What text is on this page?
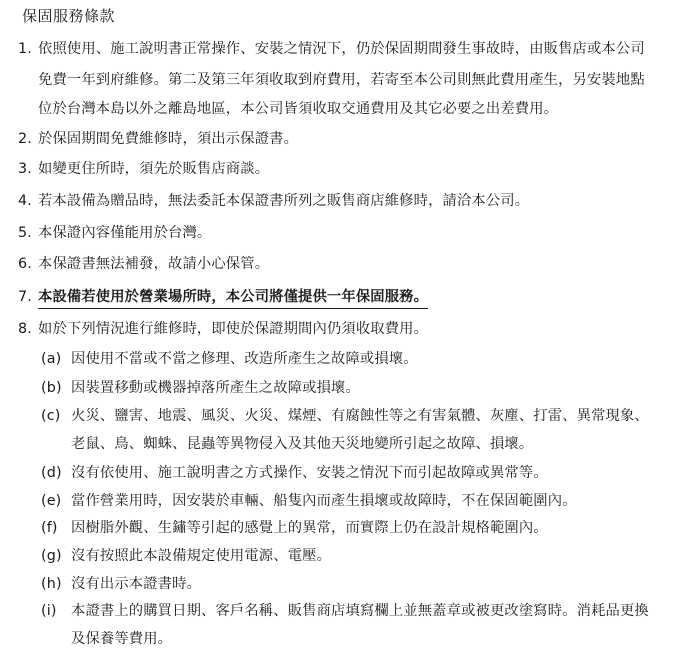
保固服務條款
1. 依照使用、施工說明書正常操作、安裝之情況下，仍於保固期間發生事故時，由販售店或本公司
免費一年到府維修。第二及第三年須收取到府費用，若寄至本公司則無此費用產生，另安裝地點
位於台灣本島以外之離島地區，本公司皆須收取交通費用及其它必要之出差費用。
2. 於保固期間免費維修時，須出示保證書。
3. 如變更住所時，須先於販售店商談。
4. 若本設備為贈品時，無法委託本保證書所列之販售商店維修時，請洽本公司。
5. 本保證內容僅能用於台灣。
6. 本保證書無法補發，故請小心保管。
7. 本設備若使用於營業場所時，本公司將僅提供一年保固服務。
8. 如於下列情況進行維修時，即使於保證期間內仍須收取費用。
(a) 因使用不當或不當之修理、改造所產生之故障或損壞。
(b) 因裝置移動或機器掉落所產生之故障或損壞。
(c) 火災、鹽害、地震、風災、火災、煤煙、有腐蝕性等之有害氣體、灰塵、打雷、異常現象、
老鼠、鳥、蜘蛛、昆蟲等異物侵入及其他天災地變所引起之故障、損壞。
(d) 沒有依使用、施工說明書之方式操作、安裝之情況下而引起故障或異常等。
(e) 當作營業用時，因安裝於車輛、船隻內而產生損壞或故障時，不在保固範圍內。
(f) 因樹脂外觀、生鏽等引起的感覺上的異常，而實際上仍在設計規格範圍內。
(g) 沒有按照此本設備規定使用電源、電壓。
(h) 沒有出示本證書時。
(i)	本證書上的購買日期、客戶名稱、販售商店填寫欄上並無蓋章或被更改塗寫時。消耗品更換
及保養等費用。
